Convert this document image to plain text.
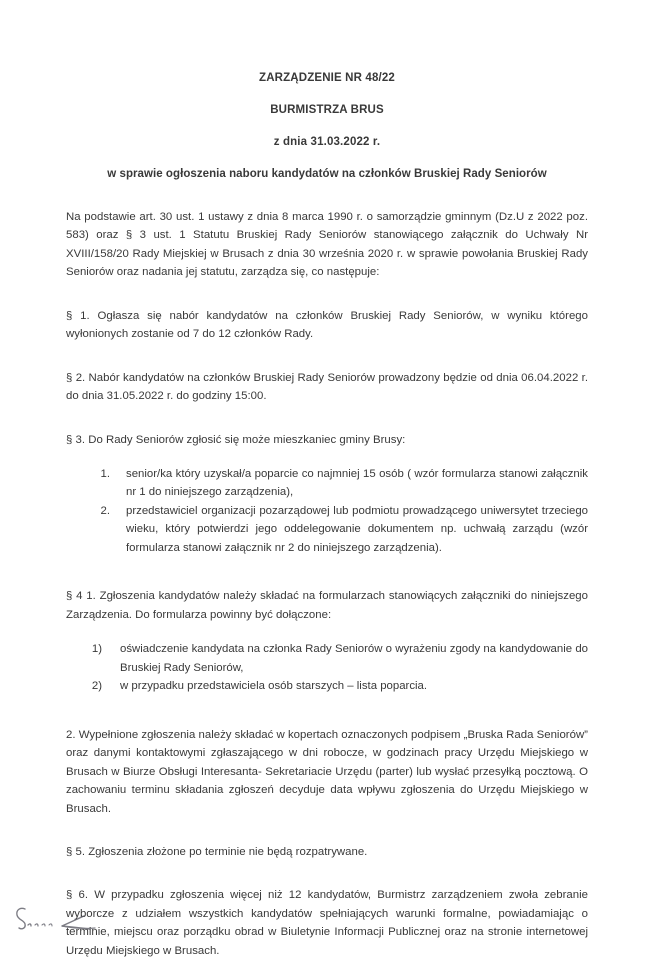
ZARZĄDZENIE NR 48/22
BURMISTRZA BRUS
z dnia 31.03.2022 r.
w sprawie ogłoszenia naboru kandydatów na członków Bruskiej Rady Seniorów

Na podstawie art. 30 ust. 1 ustawy z dnia 8 marca 1990 r. o samorządzie gminnym (Dz.U z 2022 poz. 583) oraz § 3 ust. 1 Statutu Bruskiej Rady Seniorów stanowiącego załącznik do Uchwały Nr XVIII/158/20 Rady Miejskiej w Brusach z dnia 30 września 2020 r. w sprawie powołania Bruskiej Rady Seniorów oraz nadania jej statutu, zarządza się, co następuje:

§ 1. Ogłasza się nabór kandydatów na członków Bruskiej Rady Seniorów, w wyniku którego wyłonionych zostanie od 7 do 12 członków Rady.

§ 2. Nabór kandydatów na członków Bruskiej Rady Seniorów prowadzony będzie od dnia 06.04.2022 r. do dnia 31.05.2022 r. do godziny 15:00.

§ 3. Do Rady Seniorów zgłosić się może mieszkaniec gminy Brusy:

1. senior/ka który uzyskał/a poparcie co najmniej 15 osób ( wzór formularza stanowi załącznik nr 1 do niniejszego zarządzenia),
2. przedstawiciel organizacji pozarządowej lub podmiotu prowadzącego uniwersytet trzeciego wieku, który potwierdzi jego oddelegowanie dokumentem np. uchwałą zarządu (wzór formularza stanowi załącznik nr 2 do niniejszego zarządzenia).

§ 4 1. Zgłoszenia kandydatów należy składać na formularzach stanowiących załączniki do niniejszego Zarządzenia. Do formularza powinny być dołączone:

1) oświadczenie kandydata na członka Rady Seniorów o wyrażeniu zgody na kandydowanie do Bruskiej Rady Seniorów,
2) w przypadku przedstawiciela osób starszych – lista poparcia.

2. Wypełnione zgłoszenia należy składać w kopertach oznaczonych podpisem „Bruska Rada Seniorów” oraz danymi kontaktowymi zgłaszającego w dni robocze, w godzinach pracy Urzędu Miejskiego w Brusach w Biurze Obsługi Interesanta- Sekretariacie Urzędu (parter) lub wysłać przesyłką pocztową. O zachowaniu terminu składania zgłoszeń decyduje data wpływu zgłoszenia do Urzędu Miejskiego w Brusach.

§ 5. Zgłoszenia złożone po terminie nie będą rozpatrywane.

§ 6. W przypadku zgłoszenia więcej niż 12 kandydatów, Burmistrz zarządzeniem zwoła zebranie wyborcze z udziałem wszystkich kandydatów spełniających warunki formalne, powiadamiając o terminie, miejscu oraz porządku obrad w Biuletynie Informacji Publicznej oraz na stronie internetowej Urzędu Miejskiego w Brusach.
